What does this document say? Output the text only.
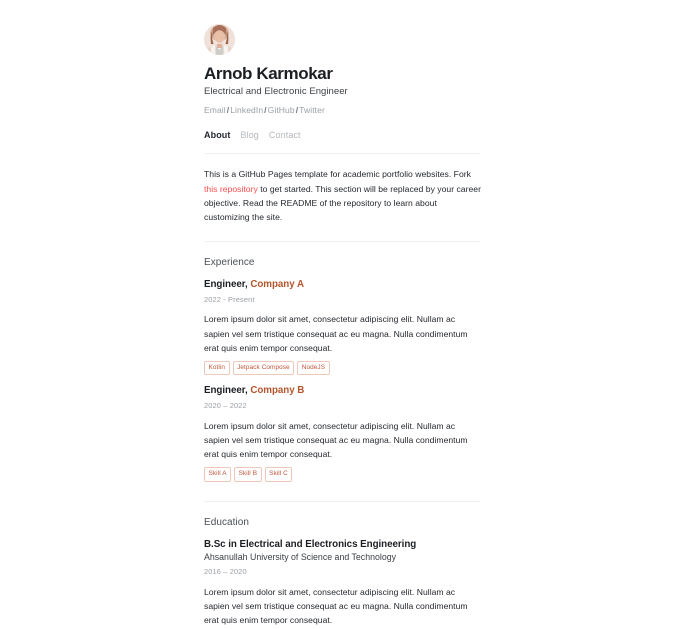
Arnob Karmokar

Electrical and Electronic Engineer

Email/LinkedIn/GitHub/Twitter
About Blog Contact

This is a GitHub Pages template for academic portfolio websites. Fork this repository to get started. This section will be replaced by your career objective. Read the README of the repository to learn about customizing the site.

Experience
Engineer, Company A

2022 - Present

Lorem ipsum dolor sit amet, consectetur adipiscing elit. Nullam ac sapien vel sem tristique consequat ac eu magna. Nulla condimentum erat quis enim tempor consequat.

Kotlin	Jetpack Compose	NodeJS
Engineer, Company B

2020 – 2022

Lorem ipsum dolor sit amet, consectetur adipiscing elit. Nullam ac sapien vel sem tristique consequat ac eu magna. Nulla condimentum erat quis enim tempor consequat.

Skill A	Skill B	Skill C
Education
B.Sc in Electrical and Electronics Engineering

Ahsanullah University of Science and Technology

2016 – 2020

Lorem ipsum dolor sit amet, consectetur adipiscing elit. Nullam ac sapien vel sem tristique consequat ac eu magna. Nulla condimentum erat quis enim tempor consequat.
